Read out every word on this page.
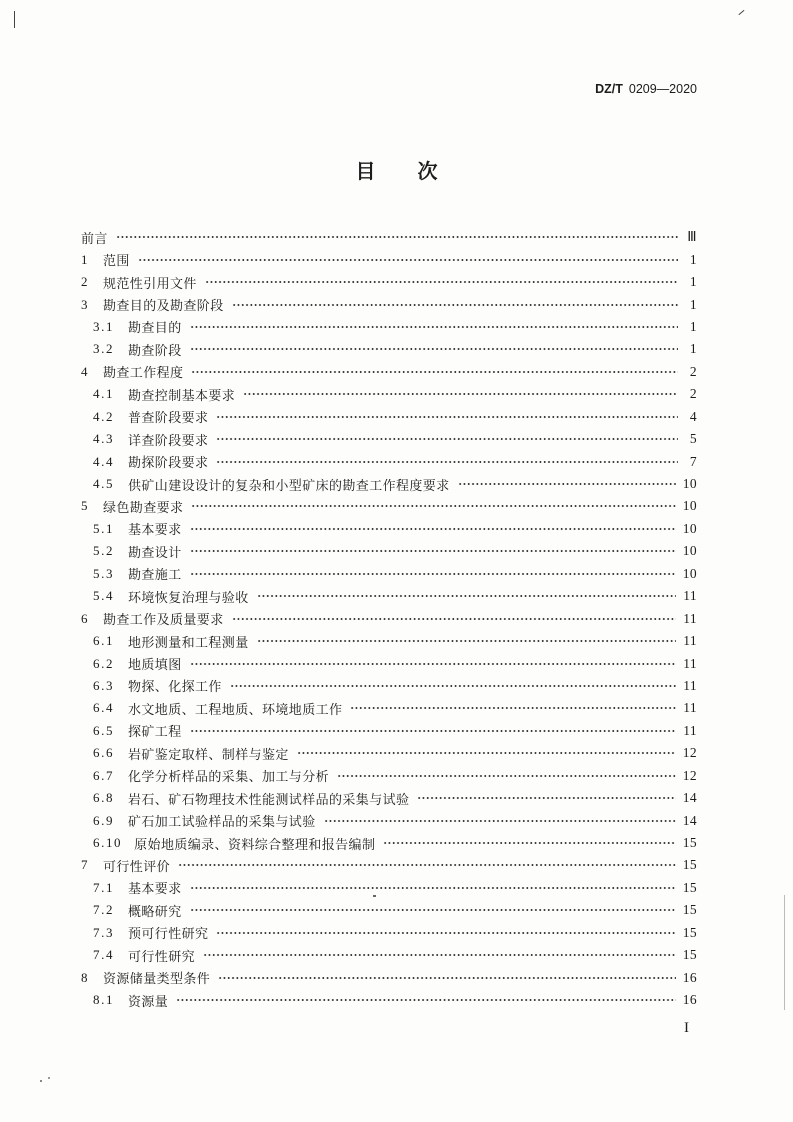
DZ/T 0209—2020
目　次
前言	Ⅲ
1	范围	1
2	规范性引用文件	1
3	勘查目的及勘查阶段	1
3.1	勘查目的	1
3.2	勘查阶段	1
4	勘查工作程度	2
4.1	勘查控制基本要求	2
4.2	普查阶段要求	4
4.3	详查阶段要求	5
4.4	勘探阶段要求	7
4.5	供矿山建设设计的复杂和小型矿床的勘查工作程度要求	10
5	绿色勘查要求	10
5.1	基本要求	10
5.2	勘查设计	10
5.3	勘查施工	10
5.4	环境恢复治理与验收	11
6	勘查工作及质量要求	11
6.1	地形测量和工程测量	11
6.2	地质填图	11
6.3	物探、化探工作	11
6.4	水文地质、工程地质、环境地质工作	11
6.5	探矿工程	11
6.6	岩矿鉴定取样、制样与鉴定	12
6.7	化学分析样品的采集、加工与分析	12
6.8	岩石、矿石物理技术性能测试样品的采集与试验	14
6.9	矿石加工试验样品的采集与试验	14
6.10 原始地质编录、资料综合整理和报告编制	15
7	可行性评价	15
7.1	基本要求	15
7.2	概略研究	15
7.3	预可行性研究	15
7.4	可行性研究	15
8	资源储量类型条件	16
8.1	资源量	16
I
